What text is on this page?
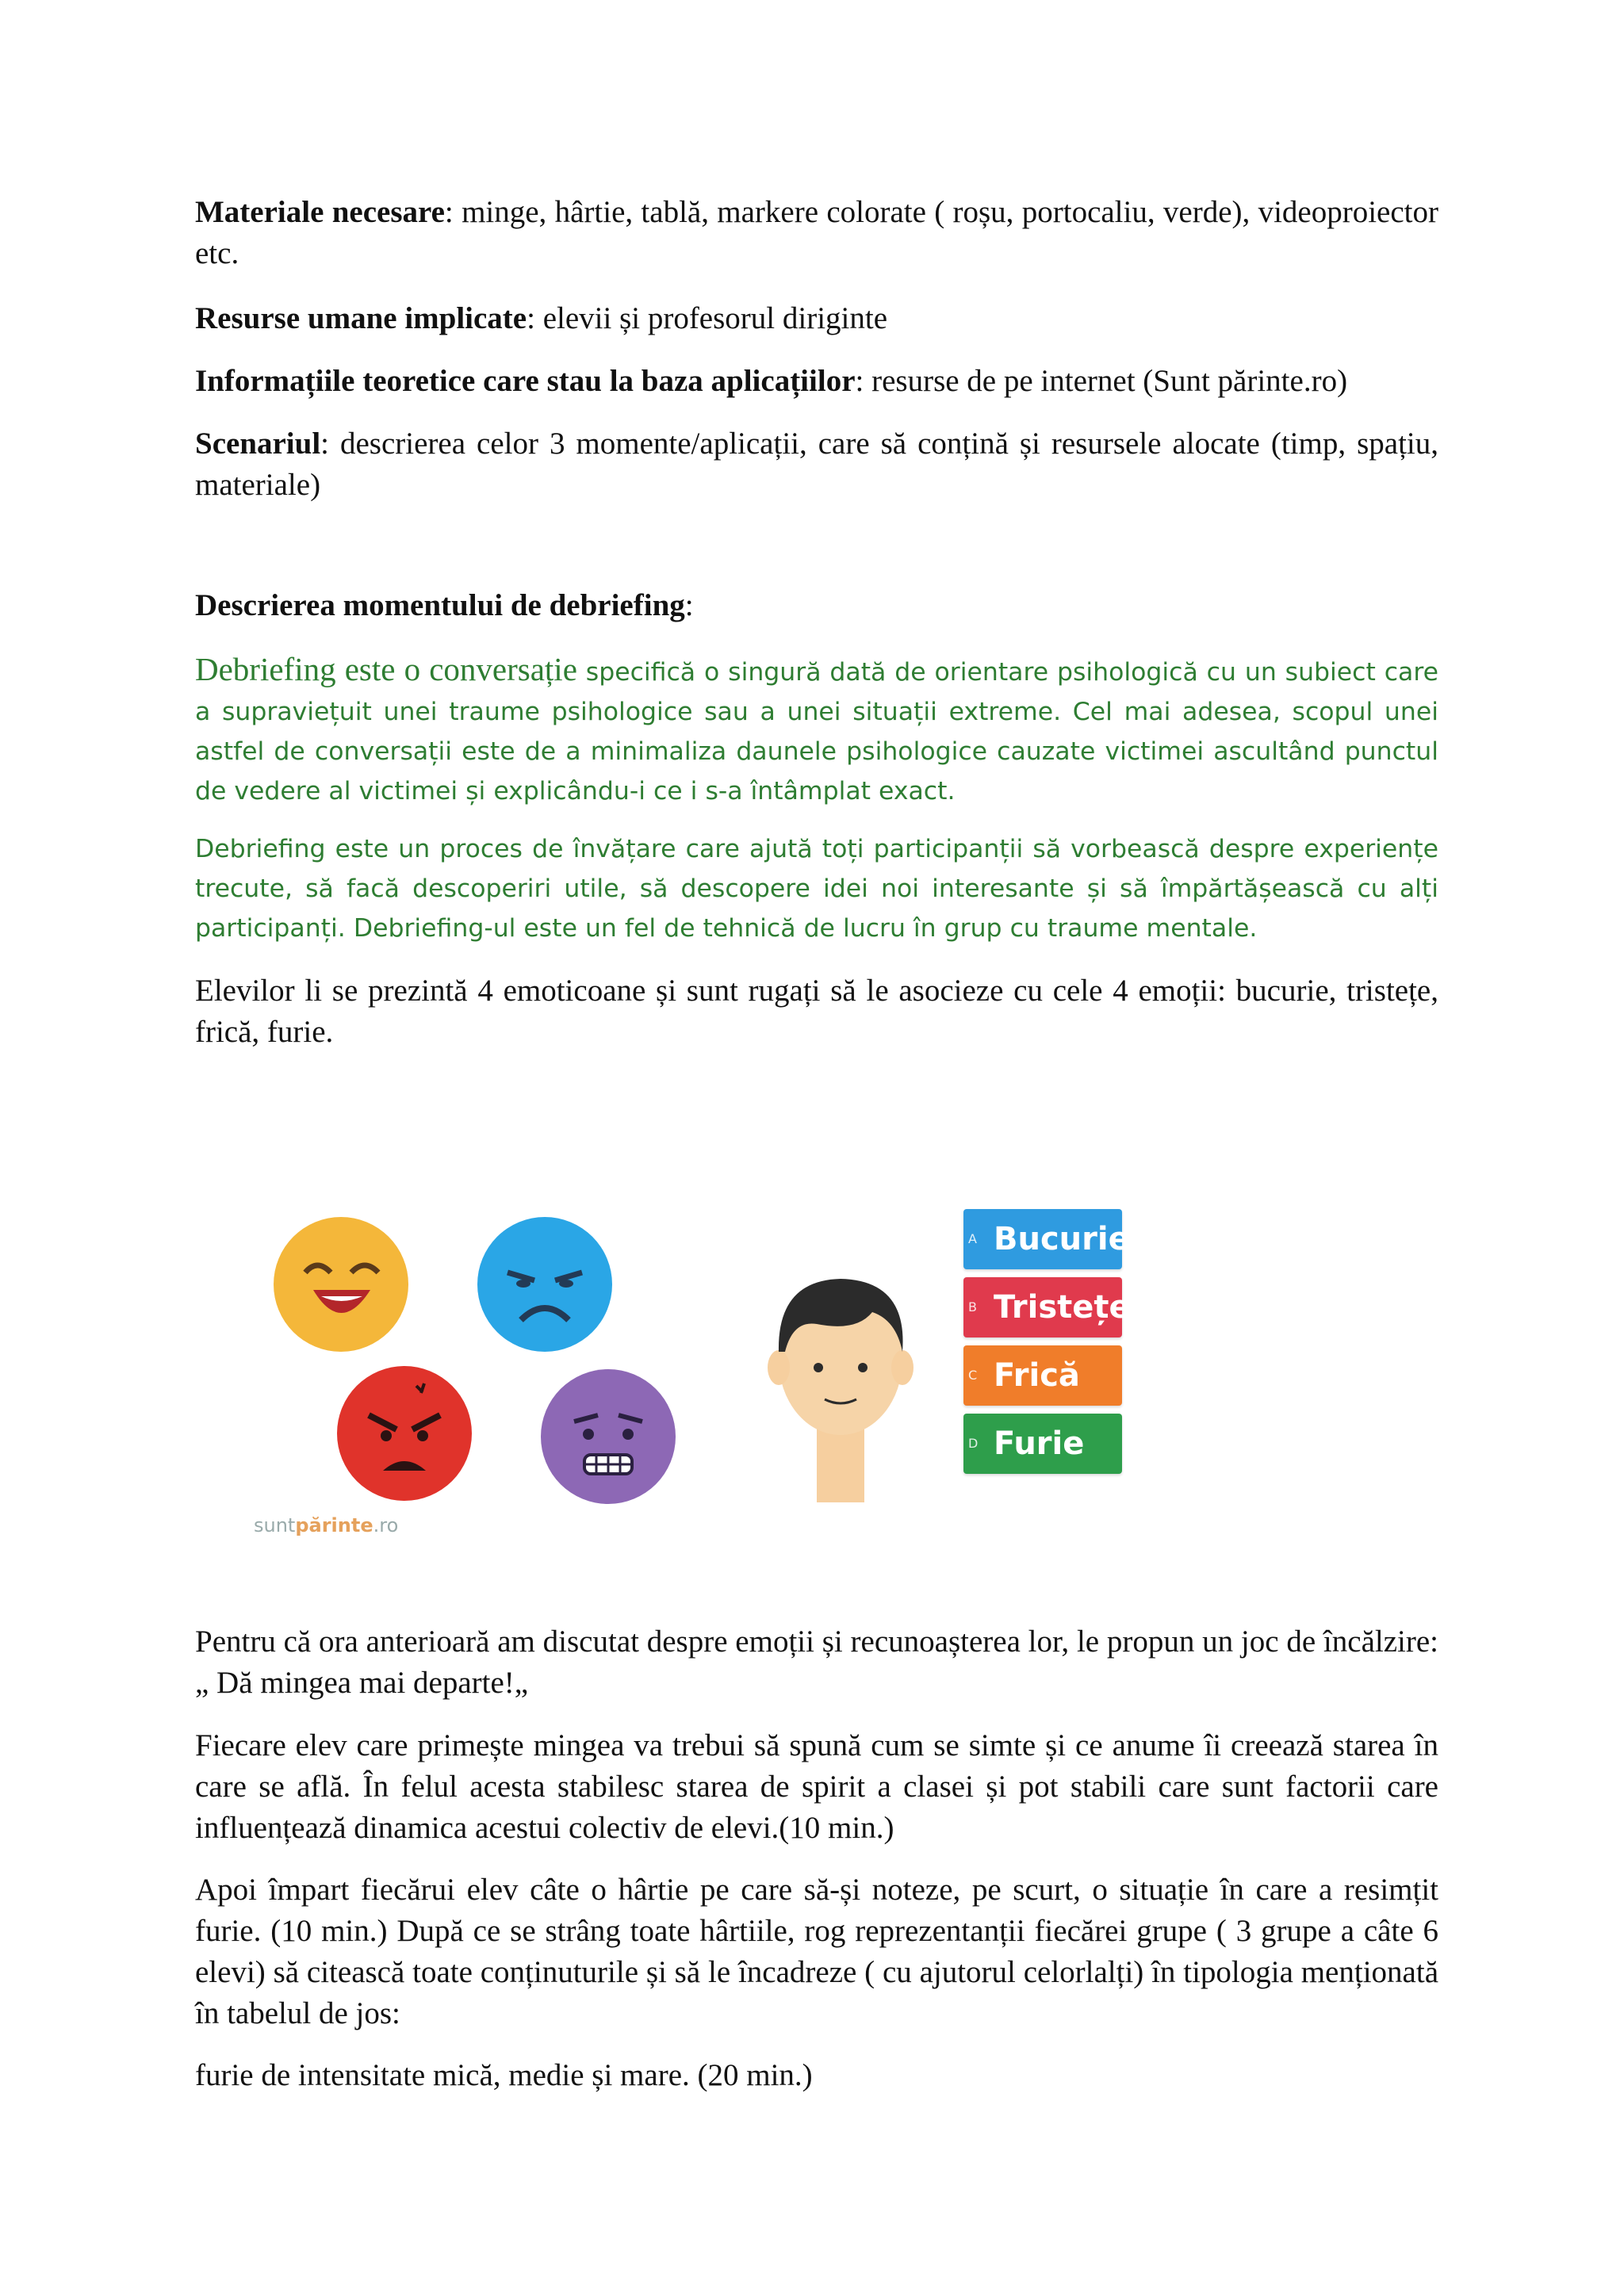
Materiale necesare: minge, hârtie, tablă, markere colorate ( roșu, portocaliu, verde), videoproiector etc.

Resurse umane implicate: elevii și profesorul diriginte

Informațiile teoretice care stau la baza aplicațiilor: resurse de pe internet (Sunt părinte.ro)

Scenariul: descrierea celor 3 momente/aplicații, care să conțină și resursele alocate (timp, spațiu, materiale)

Descrierea momentului de debriefing:

Debriefing este o conversație specifică o singură dată de orientare psihologică cu un subiect care a supraviețuit unei traume psihologice sau a unei situații extreme. Cel mai adesea, scopul unei astfel de conversații este de a minimaliza daunele psihologice cauzate victimei ascultând punctul de vedere al victimei și explicându-i ce i s-a întâmplat exact.

Debriefing este un proces de învățare care ajută toți participanții să vorbească despre experiențe trecute, să facă descoperiri utile, să descopere idei noi interesante și să împărtășească cu alți participanți. Debriefing-ul este un fel de tehnică de lucru în grup cu traume mentale.

Elevilor li se prezintă 4 emoticoane și sunt rugați să le asocieze cu cele 4 emoții: bucurie, tristețe, frică, furie.

A Bucurie
B Tristețe
C Frică
D Furie
suntpărinte.ro

Pentru că ora anterioară am discutat despre emoții și recunoașterea lor, le propun un joc de încălzire: „ Dă mingea mai departe!„

Fiecare elev care primește mingea va trebui să spună cum se simte și ce anume îi creează starea în care se află. În felul acesta stabilesc starea de spirit a clasei și pot stabili care sunt factorii care influențează dinamica acestui colectiv de elevi.(10 min.)

Apoi împart fiecărui elev câte o hârtie pe care să-și noteze, pe scurt, o situație în care a resimțit furie. (10 min.) După ce se strâng toate hârtiile, rog reprezentanții fiecărei grupe ( 3 grupe a câte 6 elevi) să citească toate conținuturile și să le încadreze ( cu ajutorul celorlalți) în tipologia menționată în tabelul de jos:

furie de intensitate mică, medie și mare. (20 min.)
